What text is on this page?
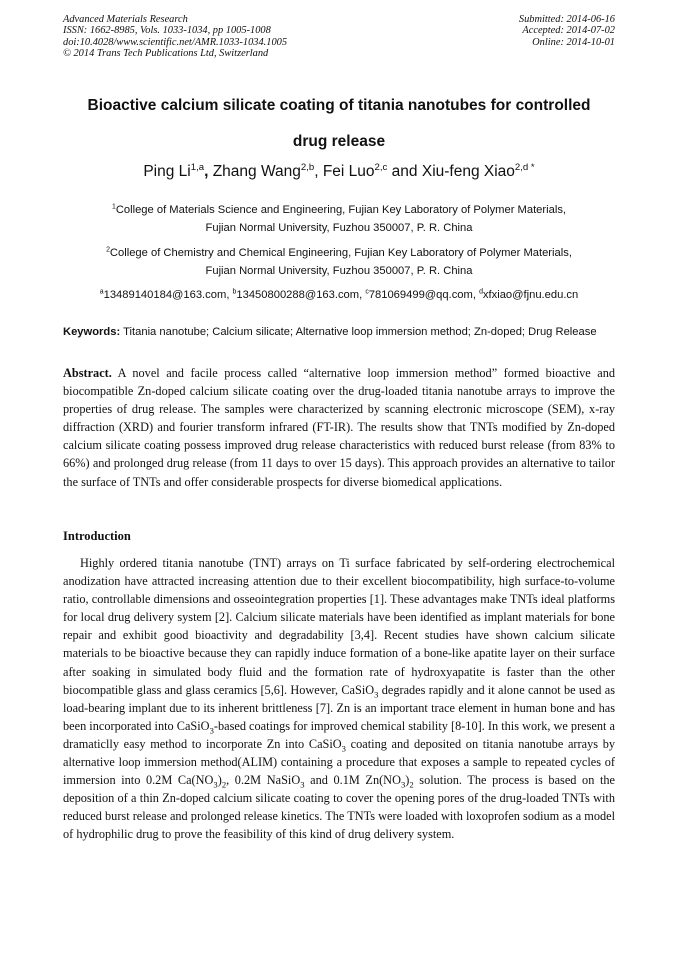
Advanced Materials Research
ISSN: 1662-8985, Vols. 1033-1034, pp 1005-1008
doi:10.4028/www.scientific.net/AMR.1033-1034.1005
© 2014 Trans Tech Publications Ltd, Switzerland
Submitted: 2014-06-16
Accepted: 2014-07-02
Online: 2014-10-01
Bioactive calcium silicate coating of titania nanotubes for controlled
drug release
Ping Li$^{1,a}$, Zhang Wang$^{2,b}$, Fei Luo$^{2,c}$ and Xiu-feng Xiao$^{2,d *}$
$^1$College of Materials Science and Engineering, Fujian Key Laboratory of Polymer Materials,
Fujian Normal University, Fuzhou 350007, P. R. China
$^2$College of Chemistry and Chemical Engineering, Fujian Key Laboratory of Polymer Materials,
Fujian Normal University, Fuzhou 350007, P. R. China
$^a$13489140184@163.com, $^b$13450800288@163.com, $^c$781069499@qq.com, $^d$xfxiao@fjnu.edu.cn
Keywords: Titania nanotube; Calcium silicate; Alternative loop immersion method; Zn-doped; Drug Release
Abstract. A novel and facile process called “alternative loop immersion method” formed bioactive and biocompatible Zn-doped calcium silicate coating over the drug-loaded titania nanotube arrays to improve the properties of drug release. The samples were characterized by scanning electronic microscope (SEM), x-ray diffraction (XRD) and fourier transform infrared (FT-IR). The results show that TNTs modified by Zn-doped calcium silicate coating possess improved drug release characteristics with reduced burst release (from 83% to 66%) and prolonged drug release (from 11 days to over 15 days). This approach provides an alternative to tailor the surface of TNTs and offer considerable prospects for diverse biomedical applications.
Introduction
Highly ordered titania nanotube (TNT) arrays on Ti surface fabricated by self-ordering electrochemical anodization have attracted increasing attention due to their excellent biocompatibility, high surface-to-volume ratio, controllable dimensions and osseointegration properties [1]. These advantages make TNTs ideal platforms for local drug delivery system [2]. Calcium silicate materials have been identified as implant materials for bone repair and exhibit good bioactivity and degradability [3,4]. Recent studies have shown calcium silicate materials to be bioactive because they can rapidly induce formation of a bone-like apatite layer on their surface after soaking in simulated body fluid and the formation rate of hydroxyapatite is faster than the other biocompatible glass and glass ceramics [5,6]. However, CaSiO$_3$ degrades rapidly and it alone cannot be used as load-bearing implant due to its inherent brittleness [7]. Zn is an important trace element in human bone and has been incorporated into CaSiO$_3$-based coatings for improved chemical stability [8-10]. In this work, we present a dramaticlly easy method to incorporate Zn into CaSiO$_3$ coating and deposited on titania nanotube arrays by alternative loop immersion method(ALIM) containing a procedure that exposes a sample to repeated cycles of immersion into 0.2M $Ca(NO_3)_2$, 0.2M NaSiO$_3$ and 0.1M $Zn(NO_3)_2$ solution. The process is based on the deposition of a thin Zn-doped calcium silicate coating to cover the opening pores of the drug-loaded TNTs with reduced burst release and prolonged release kinetics. The TNTs were loaded with loxoprofen sodium as a model of hydrophilic drug to prove the feasibility of this kind of drug delivery system.
